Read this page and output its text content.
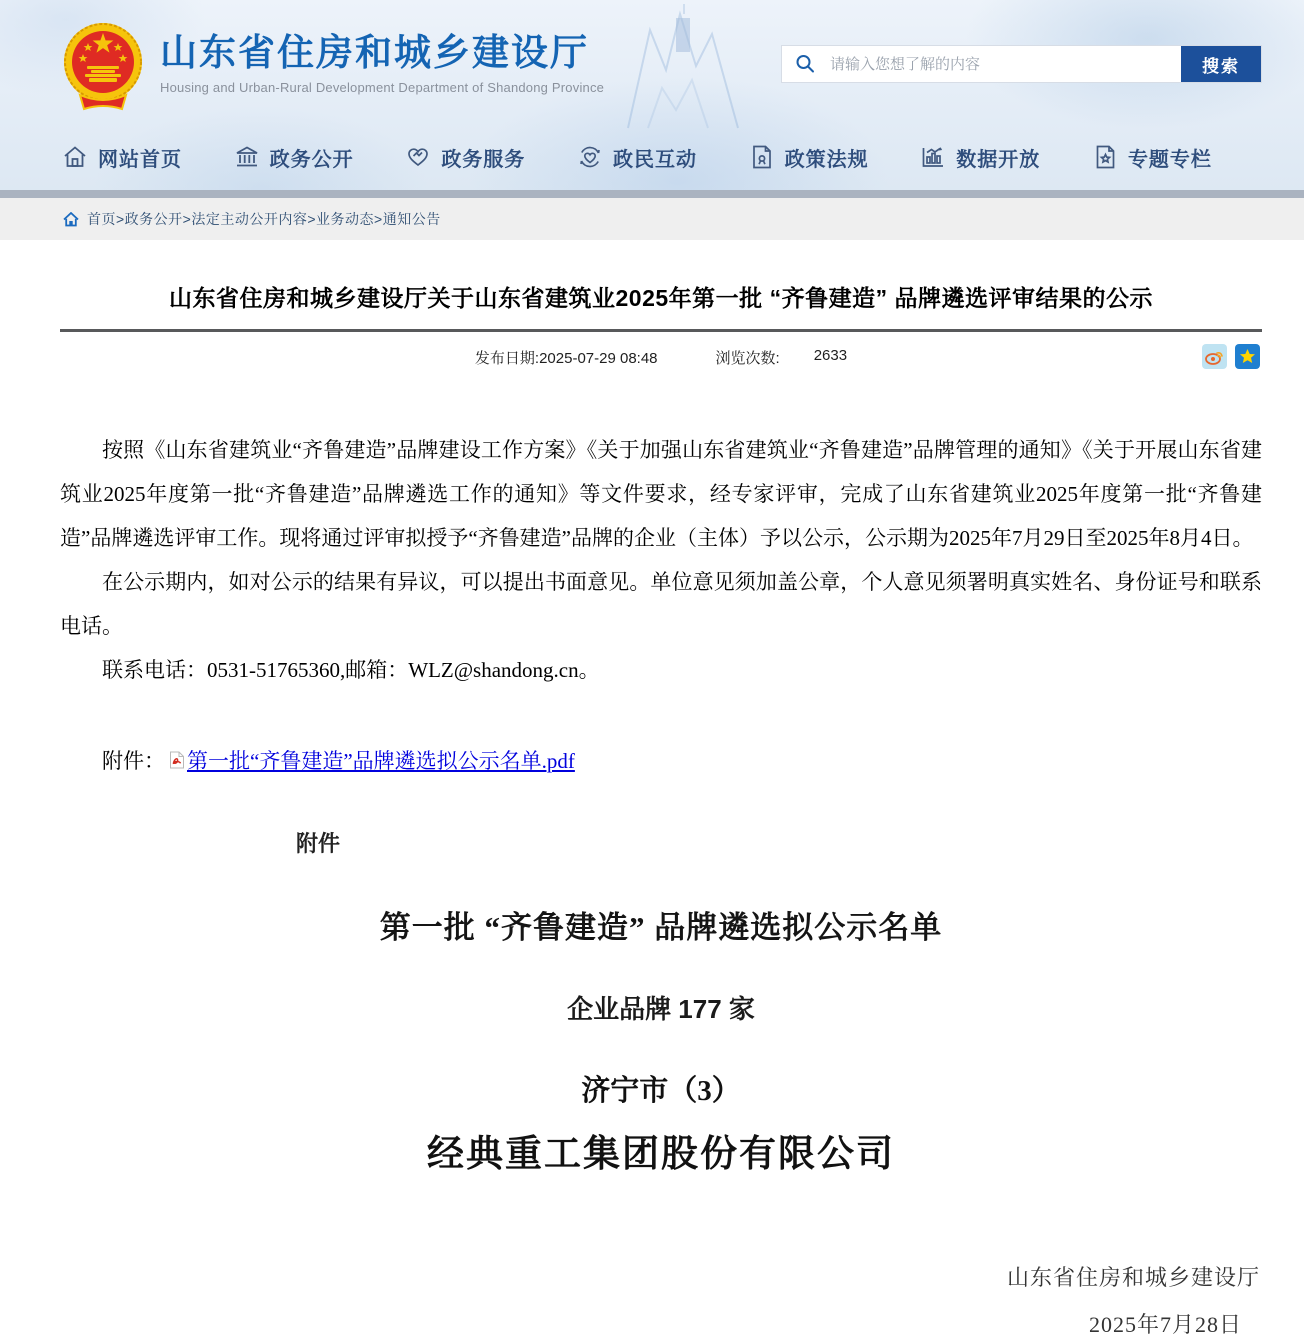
山东省住房和城乡建设厅
Housing and Urban-Rural Development Department of Shandong Province
请输入您想了解的内容
搜索
网站首页	政务公开	政务服务	政民互动	政策法规	数据开放	专题专栏
首页>政务公开>法定主动公开内容>业务动态>通知公告
山东省住房和城乡建设厅关于山东省建筑业2025年第一批 “齐鲁建造” 品牌遴选评审结果的公示
发布日期:2025-07-29 08:48	浏览次数: 2633

按照《山东省建筑业“齐鲁建造”品牌建设工作方案》《关于加强山东省建筑业“齐鲁建造”品牌管理的通知》《关于开展山东省建筑业2025年度第一批“齐鲁建造”品牌遴选工作的通知》等文件要求，经专家评审，完成了山东省建筑业2025年度第一批“齐鲁建造”品牌遴选评审工作。现将通过评审拟授予“齐鲁建造”品牌的企业（主体）予以公示，公示期为2025年7月29日至2025年8月4日。

在公示期内，如对公示的结果有异议，可以提出书面意见。单位意见须加盖公章，个人意见须署明真实姓名、身份证号和联系电话。

联系电话：0531-51765360,邮箱：WLZ@shandong.cn。

附件： 第一批“齐鲁建造”品牌遴选拟公示名单.pdf
附件
第一批 “齐鲁建造” 品牌遴选拟公示名单
企业品牌 177 家
济宁市（3）
经典重工集团股份有限公司
山东省住房和城乡建设厅
2025年7月28日
